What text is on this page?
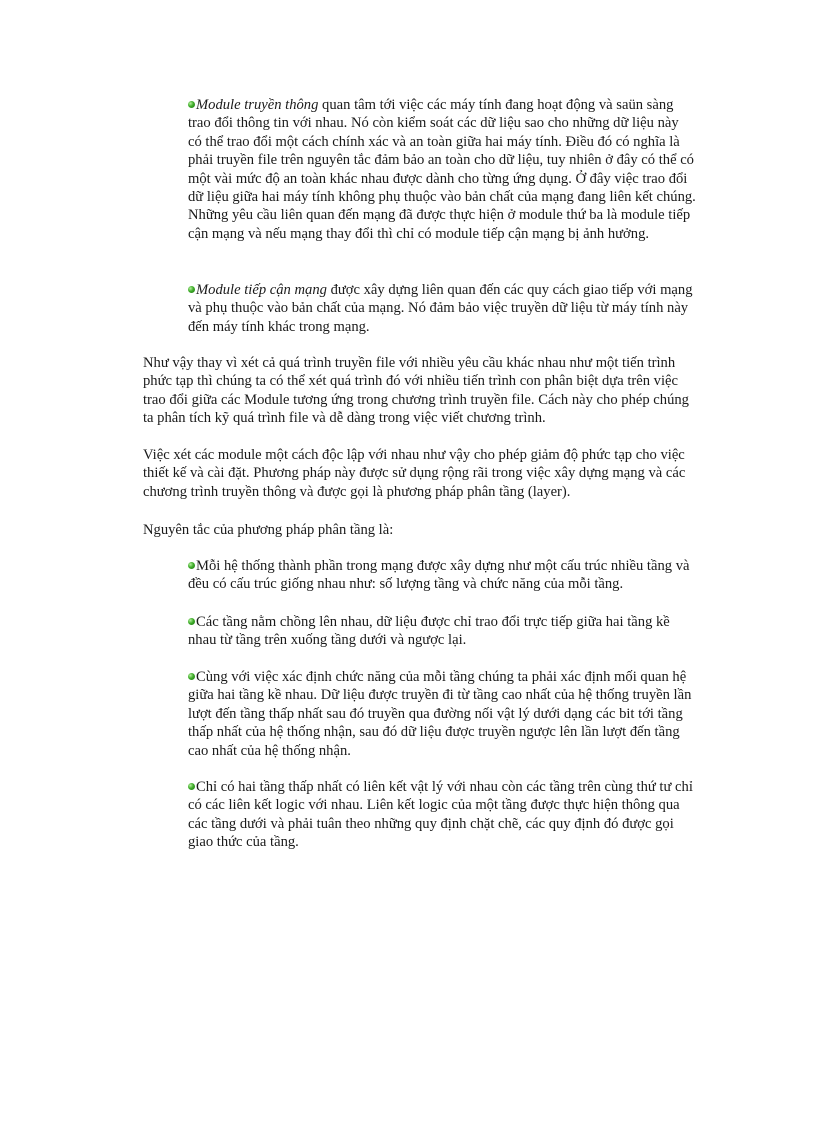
Module truyền thông quan tâm tới việc các máy tính đang hoạt động và saün sàng trao đổi thông tin với nhau. Nó còn kiểm soát các dữ liệu sao cho những dữ liệu này có thể trao đổi một cách chính xác và an toàn giữa hai máy tính. Điều đó có nghĩa là phải truyền file trên nguyên tắc đảm bảo an toàn cho dữ liệu, tuy nhiên ở đây có thể có một vài mức độ an toàn khác nhau được dành cho từng ứng dụng. Ở đây việc trao đổi dữ liệu giữa hai máy tính không phụ thuộc vào bản chất của mạng đang liên kết chúng. Những yêu cầu liên quan đến mạng đã được thực hiện ở module thứ ba là module tiếp cận mạng và nếu mạng thay đổi thì chỉ có module tiếp cận mạng bị ảnh hưởng.

Module tiếp cận mạng được xây dựng liên quan đến các quy cách giao tiếp với mạng và phụ thuộc vào bản chất của mạng. Nó đảm bảo việc truyền dữ liệu từ máy tính này đến máy tính khác trong mạng.

Như vậy thay vì xét cả quá trình truyền file với nhiều yêu cầu khác nhau như một tiến trình phức tạp thì chúng ta có thể xét quá trình đó với nhiều tiến trình con phân biệt dựa trên việc trao đổi giữa các Module tương ứng trong chương trình truyền file. Cách này cho phép chúng ta phân tích kỹ quá trình file và dễ dàng trong việc viết chương trình.

Việc xét các module một cách độc lập với nhau như vậy cho phép giảm độ phức tạp cho việc thiết kế và cài đặt. Phương pháp này được sử dụng rộng rãi trong việc xây dựng mạng và các chương trình truyền thông và được gọi là phương pháp phân tầng (layer).

Nguyên tắc của phương pháp phân tầng là:

Mỗi hệ thống thành phần trong mạng được xây dựng như một cấu trúc nhiều tầng và đều có cấu trúc giống nhau như: số lượng tầng và chức năng của mỗi tầng.

Các tầng nằm chồng lên nhau, dữ liệu được chỉ trao đổi trực tiếp giữa hai tầng kề nhau từ tầng trên xuống tầng dưới và ngược lại.

Cùng với việc xác định chức năng của mỗi tầng chúng ta phải xác định mối quan hệ giữa hai tầng kề nhau. Dữ liệu được truyền đi từ tầng cao nhất của hệ thống truyền lần lượt đến tầng thấp nhất sau đó truyền qua đường nối vật lý dưới dạng các bit tới tầng thấp nhất của hệ thống nhận, sau đó dữ liệu được truyền ngược lên lần lượt đến tầng cao nhất của hệ thống nhận.

Chỉ có hai tầng thấp nhất có liên kết vật lý với nhau còn các tầng trên cùng thứ tư chỉ có các liên kết logic với nhau. Liên kết logic của một tầng được thực hiện thông qua các tầng dưới và phải tuân theo những quy định chặt chẽ, các quy định đó được gọi giao thức của tầng.
